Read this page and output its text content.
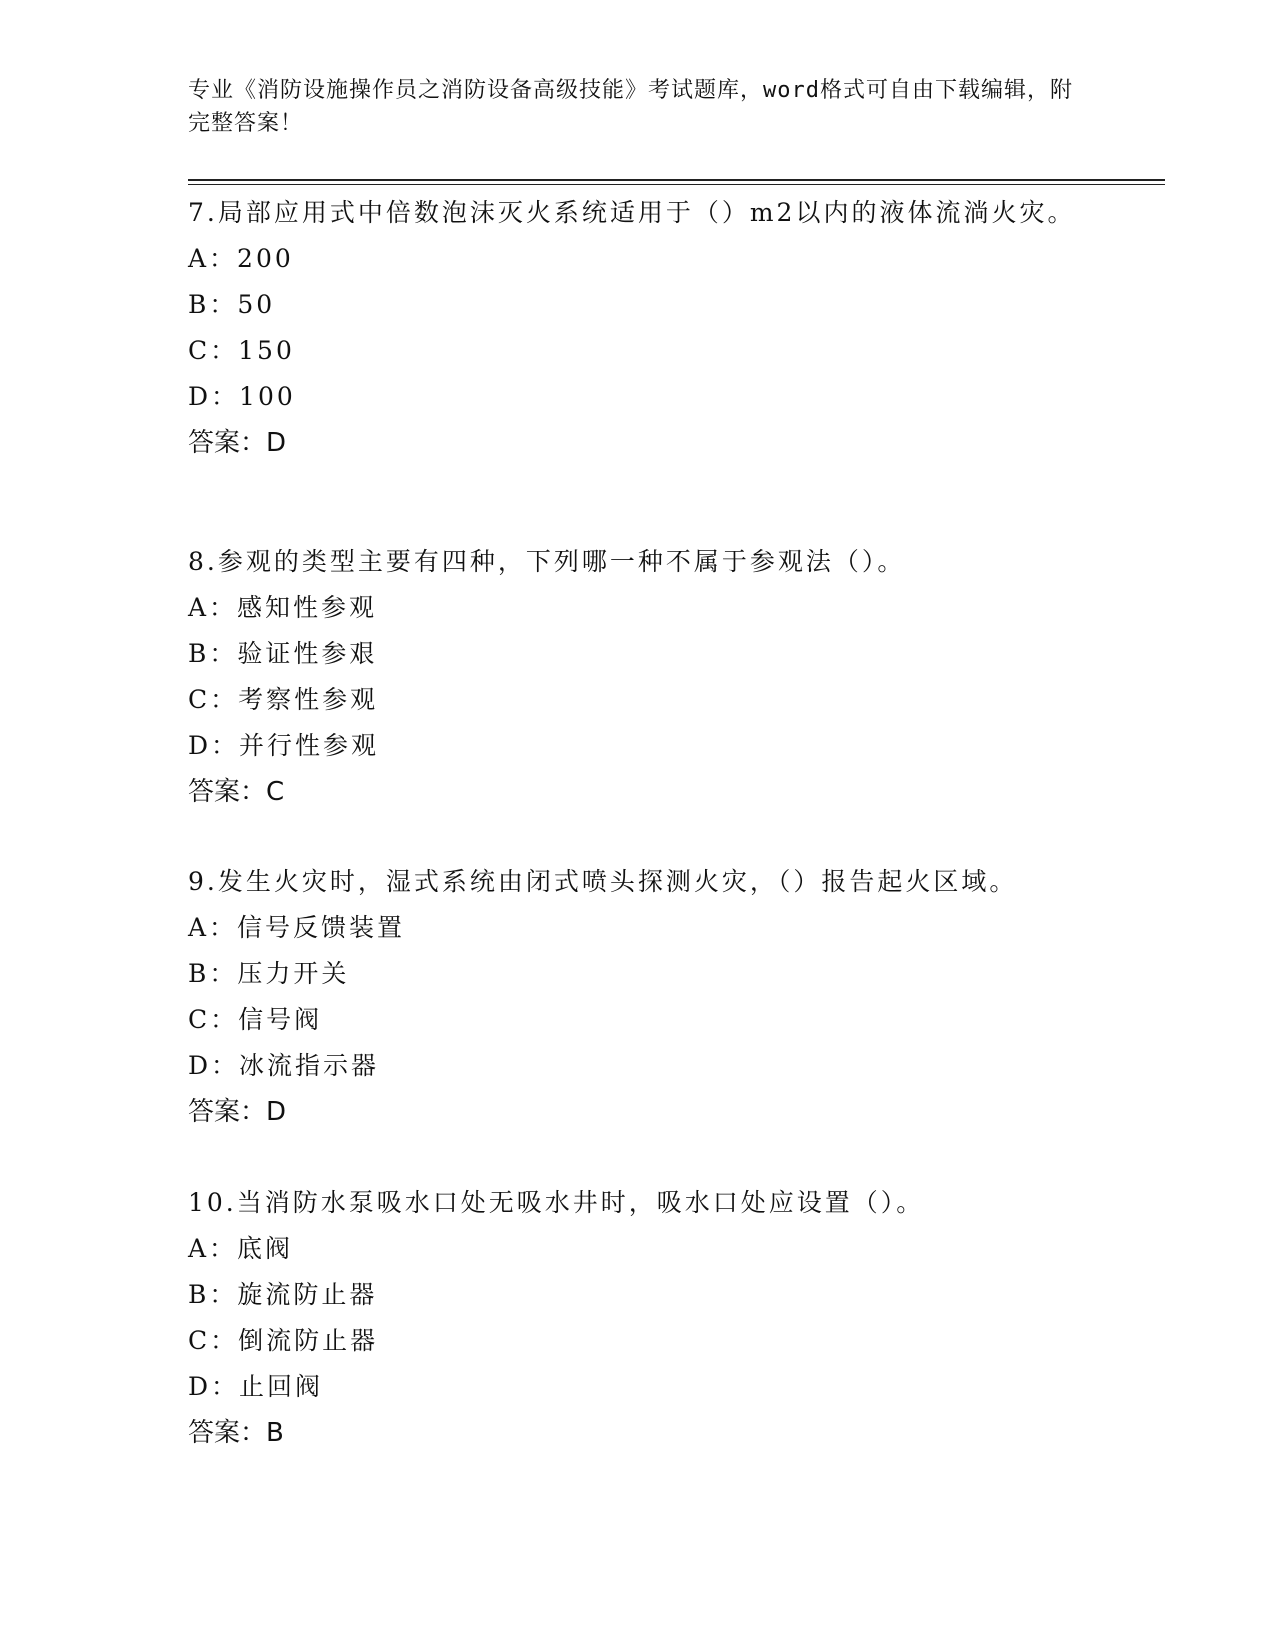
专业《消防设施操作员之消防设备高级技能》考试题库，word格式可自由下载编辑，附完整答案！
7.局部应用式中倍数泡沫灭火系统适用于（）m2以内的液体流淌火灾。
A：200
B：50
C：150
D：100
答案：D
8.参观的类型主要有四种，下列哪一种不属于参观法（）。
A：感知性参观
B：验证性参艰
C：考察性参观
D：并行性参观
答案：C
9.发生火灾时，湿式系统由闭式喷头探测火灾，（）报告起火区域。
A：信号反馈装置
B：压力开关
C：信号阀
D：冰流指示器
答案：D
10.当消防水泵吸水口处无吸水井时，吸水口处应设置（）。
A：底阀
B：旋流防止器
C：倒流防止器
D：止回阀
答案：B
